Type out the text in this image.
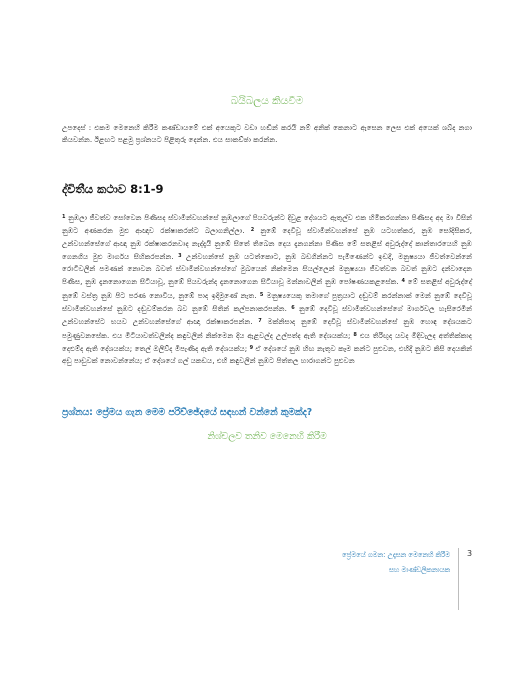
බයිබලය කියවීම
උපදෙස් : එකම මෙනෙහි කිරීම කණ්ඩායමේ එක් අයෙකුට වඩා හඬින් කරයි නම් අනික් කෙනාට ඇසෙන ලෙස එක් අයෙක් ශබ්ද නගා කියවන්න. ඊළඟට පළමු ප්‍රශ්නයට පිළිතුරු දෙන්න. එය සාකච්ඡා කරන්න.
ද්විතීය කථාව 8:1-9
$^1$ නුඹලා ජීවත්ව සෝවෙන පිණිසද ස්වාමීන්වහන්සේ නුඹලාගේ පියවරුන්ට දිවුළ දේශයට ඇතුල්ව එක හිමිකරගන්නා පිණිසද අද මා විසින් නුඹට අණකරන මුළු ආඥාව රක්ෂාකරන්ට බලාගනිල්ලා. $^2$ නුඹේ දෙවිවූ ස්වාමීන්වහන්සේ නුඹ යටහත්කර, නුඹ සෝදිසිකර, උන්වහන්සේගේ ආඥා නුඹ රක්ෂාකරනවාද නැද්දැයි නුඹේ සිතේ තිබෙන දෙය දැනගන්නා පිණිස මේ සතළිස් අවුරුද්දේ කාන්තාරයෙහි නුඹ ගෙනගිය මුළු මාර්ගය සිහිකරපන්න. $^3$ උන්වහන්සේ නුඹ යටත්කොට, නුඹ බඩගින්නට පැමිණෙන්ට ඉඩදී, මනුෂ්‍යයා ජීවත්වෙන්නේ රොටිවලින් පමණක් නොවන බවත් ස්වාමීන්වහන්සේගේ මුඛයෙන් නික්මෙන සියල්ලෙන් මනුෂ්‍යයා ජීවත්වන බවත් නුඹට දන්වාදෙන පිණිස, නුඹ දැනනොගෙන සිටියාවූ, නුඹේ පියවරුන්ද දැනනොගෙන සිටියාවූ මන්නාවලින් නුඹ පෝෂණයකළසේක. $^4$ මේ සතළිස් අවුරුද්දේ නුඹේ වස්ත්‍ර නුඹ පිට පරණ නොවිය, නුඹේ පාද ඉදිමුණේ නැත. $^5$ මනුෂ්‍යයෙකු තමාගේ පුත්‍රයාට දඬුවම් කරන්නාක් මෙන් නුඹේ දෙවිවූ ස්වාමීන්වහන්සේ නුඹට දඬුවම්කරන බව නුඹේ සිතින් කල්පනාකරපන්න. $^6$ නුඹේ දෙවිවූ ස්වාමීන්වහන්සේගේ මාර්ගවල හැසිරෙමින් උන්වහන්සේට භයව උන්වහන්සේගේ ආඥා රක්ෂාකරපන්න. $^7$ මක්නිසාද නුඹේ දෙවිවූ ස්වාමීන්වහන්සේ නුඹ හොඳ දේශයකට පමුණුවනසේක. එය මිටියාවත්වලින්ද කඳුවලින් නික්මෙන දිය ඇළවල්ද උල්පත්ද ඇති දේශයක්ය; $^8$ එය තිරිඟුද යවද මිදිවැලද අත්තික්කාද දෙළුම්ද ඇති දේශයක්ය; තෙල් ඔලිව්ද මීපැණිද ඇති දේශයක්ය; $^9$ ඒ දේශයේ නුඹ හිඟ නැතුව කෑම කන්ට පුළුවන, එහිදී නුඹට කිසි දෙයකින් අඩු පාඩුවක් නොවන්නේය; ඒ දේශයේ ගල් යකඩය, එහි කඳුවලින් නුඹට පිත්තල හාරාගන්ට පුළුවන
ප්‍රශ්නය: ප්‍රේමය ගැන මෙම පරිච්ඡේදයේ සඳහන් වන්නේ කුමක්ද?
නිශ්චලව තනිව මෙනෙහි කිරීම
ප්‍රේමයේ ගමන: උදෑසන මෙනෙහි කිරීම
සහ මාණ්ඩලිකනායක
3
